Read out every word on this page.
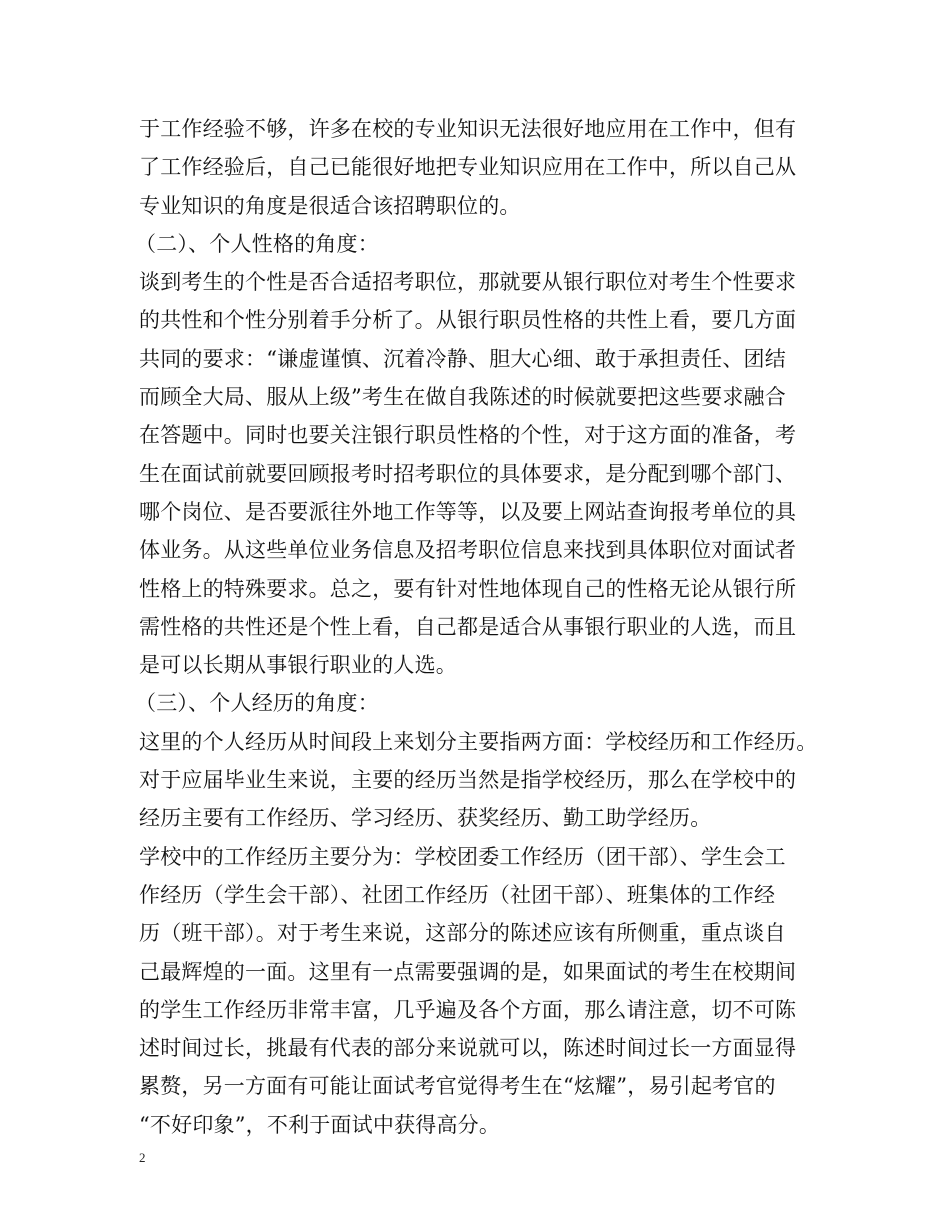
于工作经验不够，许多在校的专业知识无法很好地应用在工作中，但有
了工作经验后，自己已能很好地把专业知识应用在工作中，所以自己从
专业知识的角度是很适合该招聘职位的。
（二）、个人性格的角度：
谈到考生的个性是否合适招考职位，那就要从银行职位对考生个性要求
的共性和个性分别着手分析了。从银行职员性格的共性上看，要几方面
共同的要求：“谦虚谨慎、沉着冷静、胆大心细、敢于承担责任、团结
而顾全大局、服从上级”考生在做自我陈述的时候就要把这些要求融合
在答题中。同时也要关注银行职员性格的个性，对于这方面的准备，考
生在面试前就要回顾报考时招考职位的具体要求，是分配到哪个部门、
哪个岗位、是否要派往外地工作等等，以及要上网站查询报考单位的具
体业务。从这些单位业务信息及招考职位信息来找到具体职位对面试者
性格上的特殊要求。总之，要有针对性地体现自己的性格无论从银行所
需性格的共性还是个性上看，自己都是适合从事银行职业的人选，而且
是可以长期从事银行职业的人选。
（三）、个人经历的角度：
这里的个人经历从时间段上来划分主要指两方面：学校经历和工作经历。
对于应届毕业生来说，主要的经历当然是指学校经历，那么在学校中的
经历主要有工作经历、学习经历、获奖经历、勤工助学经历。
学校中的工作经历主要分为：学校团委工作经历（团干部）、学生会工
作经历（学生会干部）、社团工作经历（社团干部）、班集体的工作经
历（班干部）。对于考生来说，这部分的陈述应该有所侧重，重点谈自
己最辉煌的一面。这里有一点需要强调的是，如果面试的考生在校期间
的学生工作经历非常丰富，几乎遍及各个方面，那么请注意，切不可陈
述时间过长，挑最有代表的部分来说就可以，陈述时间过长一方面显得
累赘，另一方面有可能让面试考官觉得考生在“炫耀”，易引起考官的
“不好印象”，不利于面试中获得高分。
2
